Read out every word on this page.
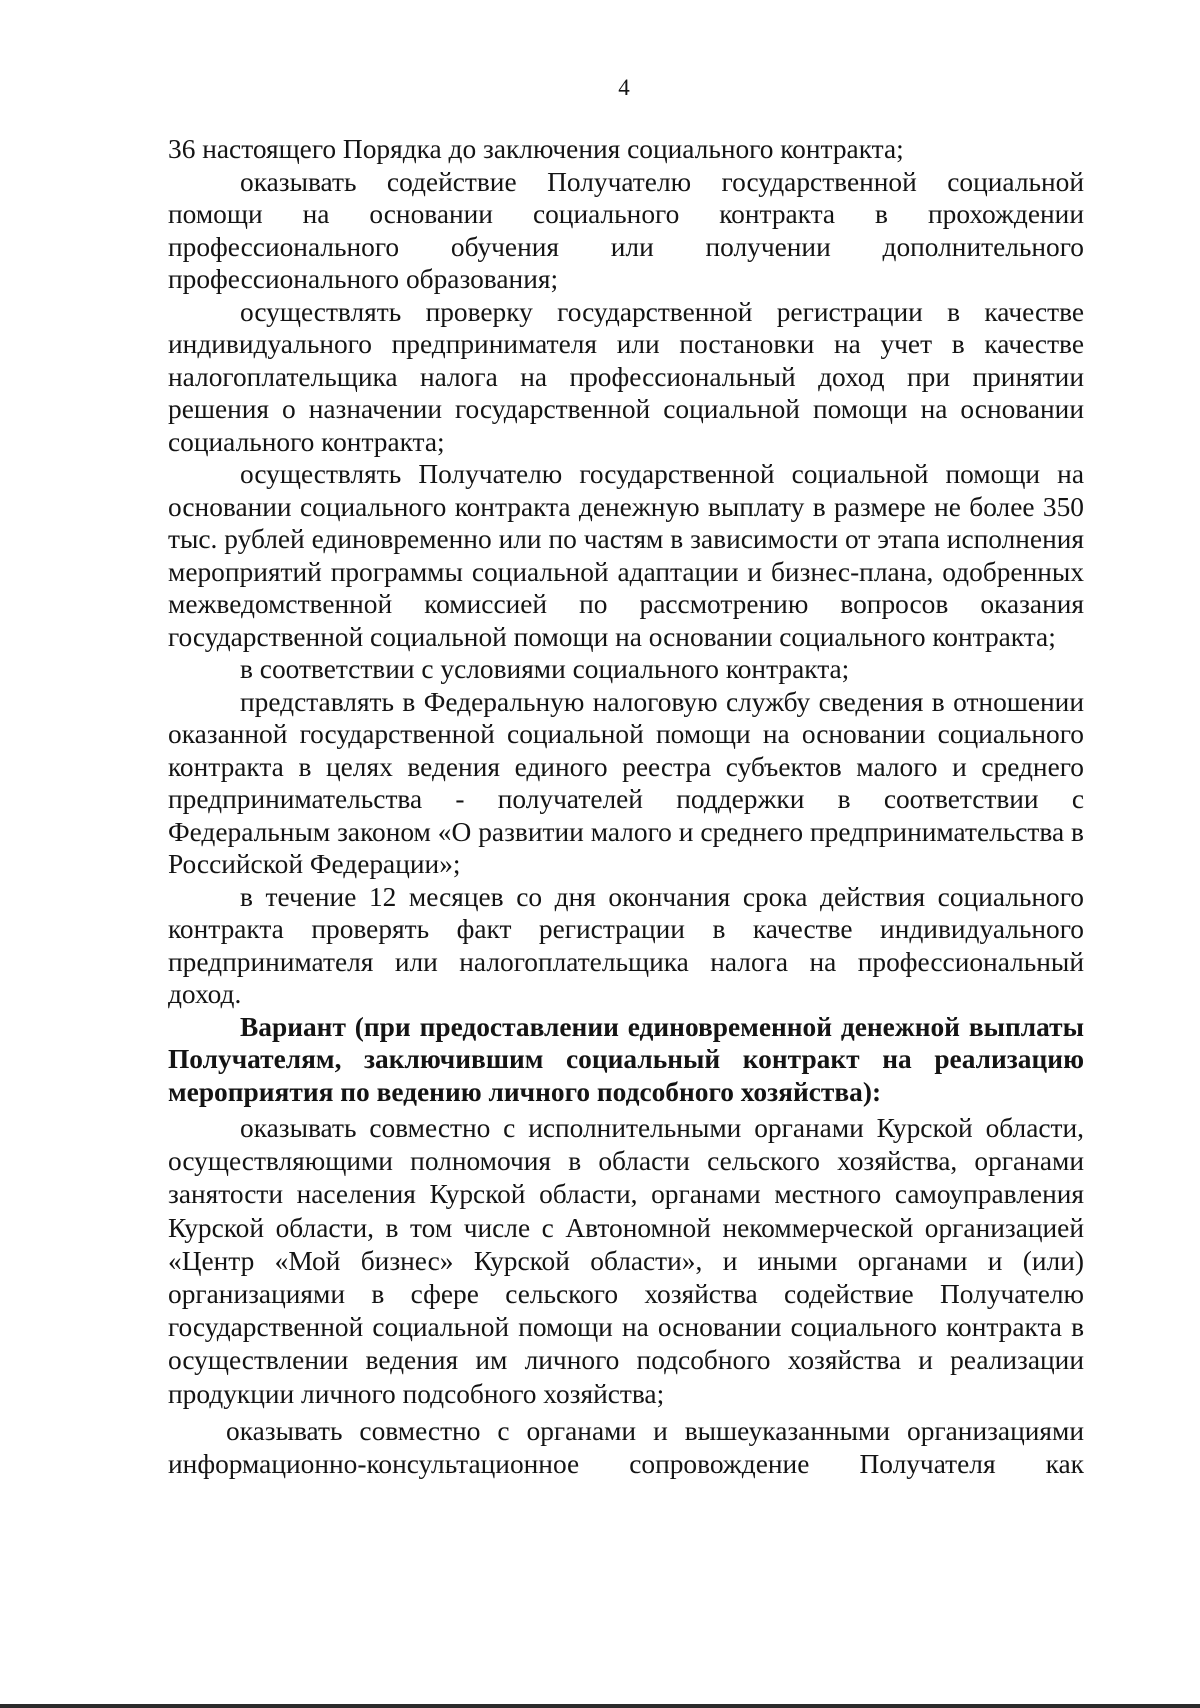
4

36 настоящего Порядка до заключения социального контракта;

оказывать содействие Получателю государственной социальной помощи на основании социального контракта в прохождении профессионального обучения или получении дополнительного профессионального образования;

осуществлять проверку государственной регистрации в качестве индивидуального предпринимателя или постановки на учет в качестве налогоплательщика налога на профессиональный доход при принятии решения о назначении государственной социальной помощи на основании социального контракта;

осуществлять Получателю государственной социальной помощи на основании социального контракта денежную выплату в размере не более 350 тыс. рублей единовременно или по частям в зависимости от этапа исполнения мероприятий программы социальной адаптации и бизнес-плана, одобренных межведомственной комиссией по рассмотрению вопросов оказания государственной социальной помощи на основании социального контракта;

в соответствии с условиями социального контракта;

представлять в Федеральную налоговую службу сведения в отношении оказанной государственной социальной помощи на основании социального контракта в целях ведения единого реестра субъектов малого и среднего предпринимательства - получателей поддержки в соответствии с Федеральным законом «О развитии малого и среднего предпринимательства в Российской Федерации»;

в течение 12 месяцев со дня окончания срока действия социального контракта проверять факт регистрации в качестве индивидуального предпринимателя или налогоплательщика налога на профессиональный доход.

Вариант (при предоставлении единовременной денежной выплаты Получателям, заключившим социальный контракт на реализацию мероприятия по ведению личного подсобного хозяйства):

оказывать совместно с исполнительными органами Курской области, осуществляющими полномочия в области сельского хозяйства, органами занятости населения Курской области, органами местного самоуправления Курской области, в том числе с Автономной некоммерческой организацией «Центр «Мой бизнес» Курской области», и иными органами и (или) организациями в сфере сельского хозяйства содействие Получателю государственной социальной помощи на основании социального контракта в осуществлении ведения им личного подсобного хозяйства и реализации продукции личного подсобного хозяйства;

оказывать совместно с органами и вышеуказанными организациями информационно-консультационное сопровождение Получателя как
